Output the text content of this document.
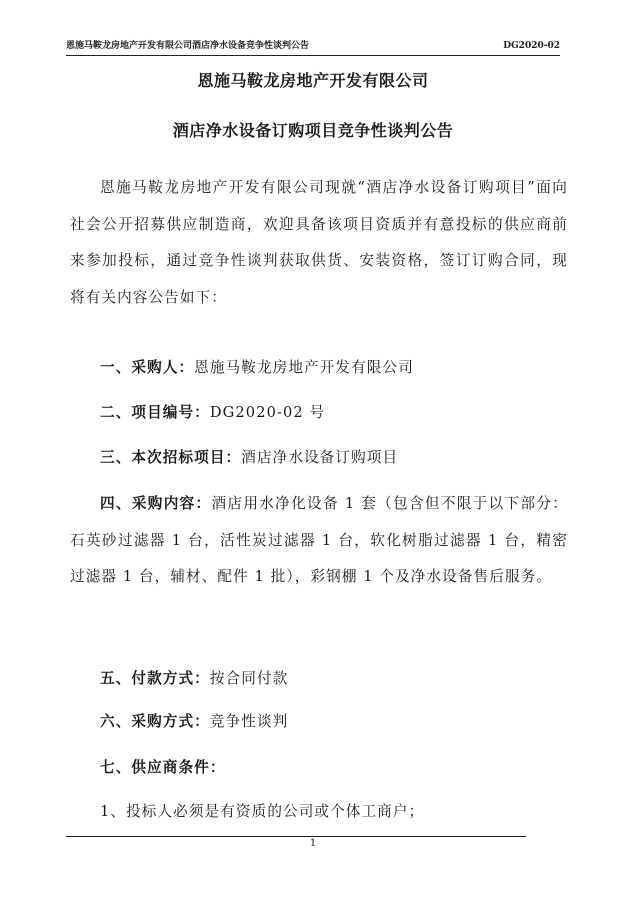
恩施马鞍龙房地产开发有限公司酒店净水设备竞争性谈判公告	DG2020-02
恩施马鞍龙房地产开发有限公司
酒店净水设备订购项目竞争性谈判公告
恩施马鞍龙房地产开发有限公司现就“酒店净水设备订购项目”面向社会公开招募供应制造商，欢迎具备该项目资质并有意投标的供应商前来参加投标，通过竞争性谈判获取供货、安装资格，签订订购合同，现将有关内容公告如下：
一、采购人：恩施马鞍龙房地产开发有限公司
二、项目编号：DG2020-02 号
三、本次招标项目：酒店净水设备订购项目
四、采购内容：酒店用水净化设备 1 套（包含但不限于以下部分：石英砂过滤器 1 台，活性炭过滤器 1 台，软化树脂过滤器 1 台，精密过滤器 1 台，辅材、配件 1 批），彩钢棚 1 个及净水设备售后服务。
五、付款方式：按合同付款
六、采购方式：竞争性谈判
七、供应商条件：
1、投标人必须是有资质的公司或个体工商户；
1
